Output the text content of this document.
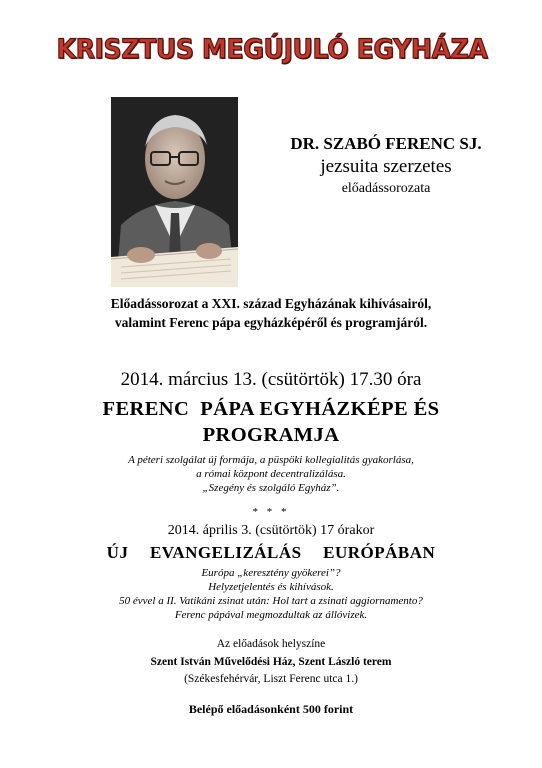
KRISZTUS MEGÚJULÓ EGYHÁZA
DR. SZABÓ FERENC SJ.
jezsuita szerzetes
előadássorozata
Előadássorozat a XXI. század Egyházának kihívásairól,
valamint Ferenc pápa egyházképéről és programjáról.
2014. március 13. (csütörtök) 17.30 óra
FERENC  PÁPA EGYHÁZKÉPE ÉS
PROGRAMJA
A péteri szolgálat új formája, a püspöki kollegialitás gyakorlása,
a római központ decentralizálása.
„Szegény és szolgáló Egyház”.
* * *
2014. április 3. (csütörtök) 17 órakor
ÚJ  EVANGELIZÁLÁS  EURÓPÁBAN
Európa „keresztény gyökerei”?
Helyzetjelentés és kihívások.
50 évvel a II. Vatikáni zsinat után: Hol tart a zsinati aggiornamento?
Ferenc pápával megmozdultak az állóvizek.
Az előadások helyszíne
Szent István Művelődési Ház, Szent László terem
(Székesfehérvár, Liszt Ferenc utca 1.)
Belépő előadásonként 500 forint
